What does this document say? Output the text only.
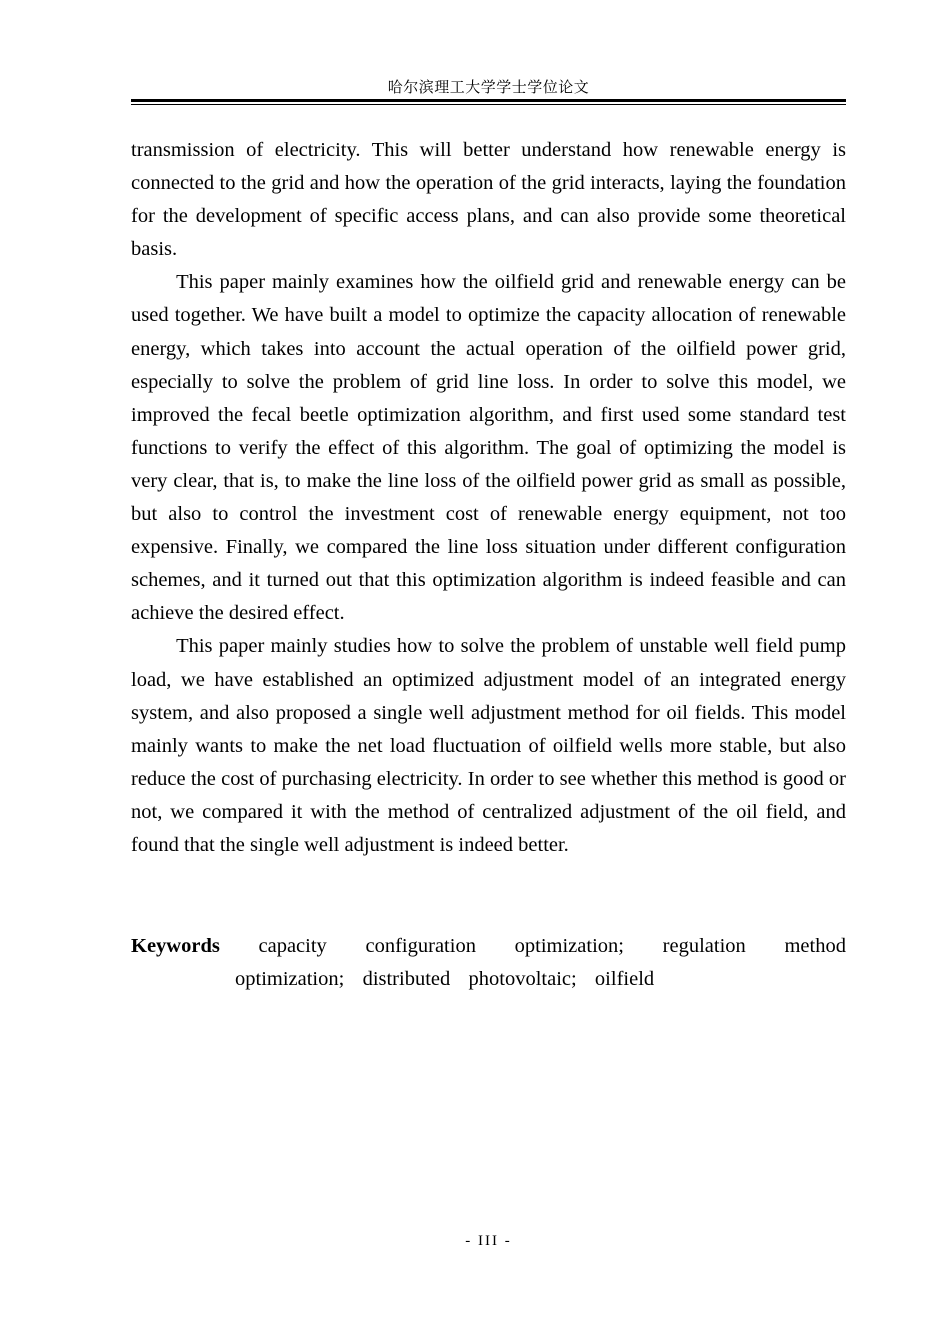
哈尔滨理工大学学士学位论文

transmission of electricity. This will better understand how renewable energy is connected to the grid and how the operation of the grid interacts, laying the foundation for the development of specific access plans, and can also provide some theoretical basis.

This paper mainly examines how the oilfield grid and renewable energy can be used together. We have built a model to optimize the capacity allocation of renewable energy, which takes into account the actual operation of the oilfield power grid, especially to solve the problem of grid line loss. In order to solve this model, we improved the fecal beetle optimization algorithm, and first used some standard test functions to verify the effect of this algorithm. The goal of optimizing the model is very clear, that is, to make the line loss of the oilfield power grid as small as possible, but also to control the investment cost of renewable energy equipment, not too expensive. Finally, we compared the line loss situation under different configuration schemes, and it turned out that this optimization algorithm is indeed feasible and can achieve the desired effect.

This paper mainly studies how to solve the problem of unstable well field pump load, we have established an optimized adjustment model of an integrated energy system, and also proposed a single well adjustment method for oil fields. This model mainly wants to make the net load fluctuation of oilfield wells more stable, but also reduce the cost of purchasing electricity. In order to see whether this method is good or not, we compared it with the method of centralized adjustment of the oil field, and found that the single well adjustment is indeed better.

Keywords capacity configuration optimization; regulation method
optimization;  distributed  photovoltaic;  oilfield
- III -
